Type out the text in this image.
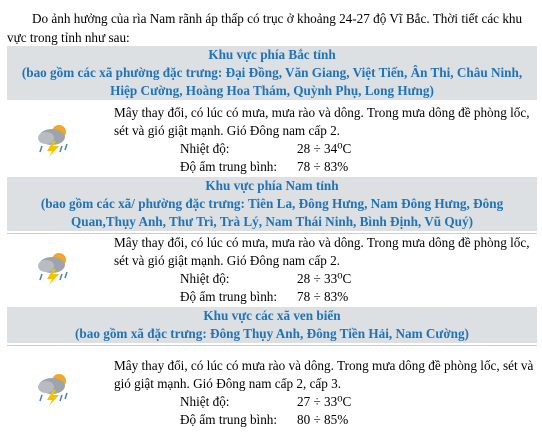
Do ảnh hưởng của rìa Nam rãnh áp thấp có trục ở khoảng 24-27 độ Vĩ Bắc. Thời tiết các khu vực trong tỉnh như sau:

Khu vực phía Bắc tỉnh
(bao gồm các xã phường đặc trưng: Đại Đồng, Văn Giang, Việt Tiến, Ân Thi, Châu Ninh, Hiệp Cường, Hoàng Hoa Thám, Quỳnh Phụ, Long Hưng)

Mây thay đổi, có lúc có mưa, mưa rào và dông. Trong mưa dông đề phòng lốc, sét và gió giật mạnh. Gió Đông nam cấp 2.

Nhiệt độ:	28 ÷ 34⁰C
Độ ẩm trung bình: 78 ÷ 83%
Khu vực phía Nam tỉnh
(bao gồm các xã/ phường đặc trưng: Tiên La, Đông Hưng, Nam Đông Hưng, Đông Quan,Thụy Anh, Thư Trì, Trà Lý, Nam Thái Ninh, Bình Định, Vũ Quý)

Mây thay đổi, có lúc có mưa, mưa rào và dông. Trong mưa dông đề phòng lốc, sét và gió giật mạnh. Gió Đông nam cấp 2.

Nhiệt độ:	28 ÷ 33⁰C
Độ ẩm trung bình: 78 ÷ 83%
Khu vực các xã ven biển
(bao gồm xã đặc trưng: Đông Thụy Anh, Đông Tiền Hải, Nam Cường)

Mây thay đổi, có lúc có mưa rào và dông. Trong mưa dông đề phòng lốc, sét và gió giật mạnh. Gió Đông nam cấp 2, cấp 3.

Nhiệt độ:	27 ÷ 33⁰C
Độ ẩm trung bình: 80 ÷ 85%
